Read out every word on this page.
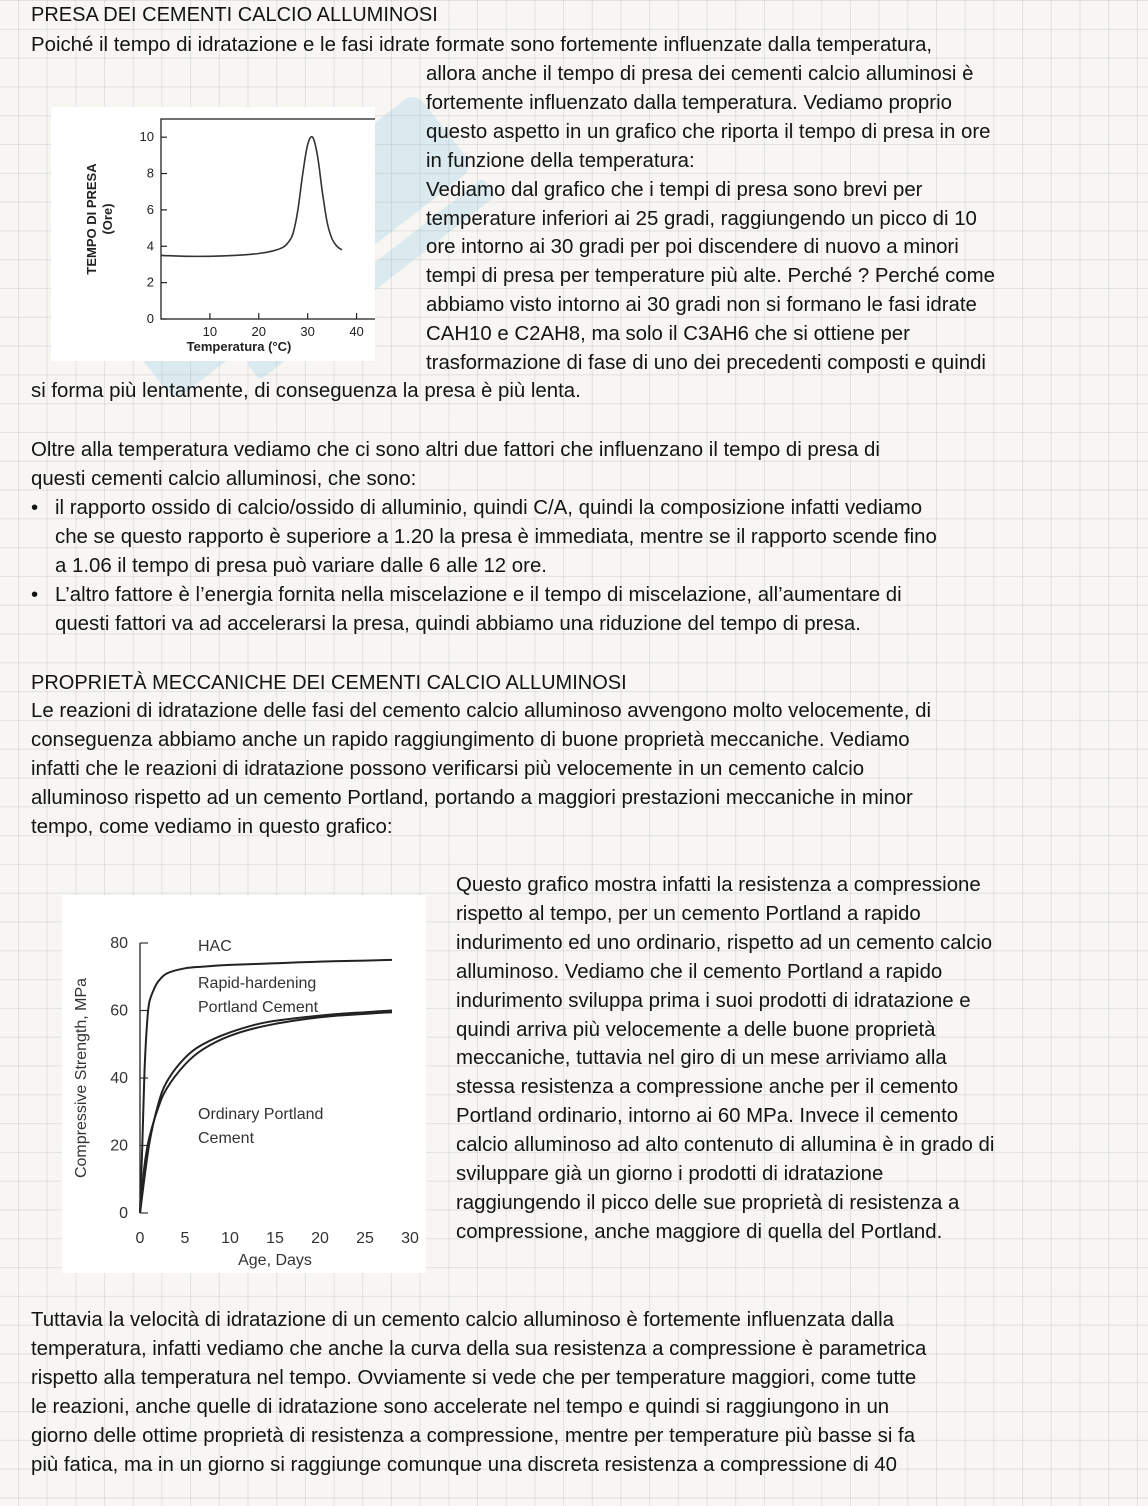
PRESA DEI CEMENTI CALCIO ALLUMINOSI
Poiché il tempo di idratazione e le fasi idrate formate sono fortemente influenzate dalla temperatura,
allora anche il tempo di presa dei cementi calcio alluminosi è
fortemente influenzato dalla temperatura. Vediamo proprio
questo aspetto in un grafico che riporta il tempo di presa in ore
in funzione della temperatura:
Vediamo dal grafico che i tempi di presa sono brevi per
temperature inferiori ai 25 gradi, raggiungendo un picco di 10
ore intorno ai 30 gradi per poi discendere di nuovo a minori
tempi di presa per temperature più alte. Perché ? Perché come
abbiamo visto intorno ai 30 gradi non si formano le fasi idrate
CAH10 e C2AH8, ma solo il C3AH6 che si ottiene per
trasformazione di fase di uno dei precedenti composti e quindi
si forma più lentamente, di conseguenza la presa è più lenta.
0
2
4
6
8
10
10	20	30	40
Temperatura (°C)
TEMPO DI PRESA (Ore)
Oltre alla temperatura vediamo che ci sono altri due fattori che influenzano il tempo di presa di
questi cementi calcio alluminosi, che sono:
• il rapporto ossido di calcio/ossido di alluminio, quindi C/A, quindi la composizione infatti vediamo
che se questo rapporto è superiore a 1.20 la presa è immediata, mentre se il rapporto scende fino
a 1.06 il tempo di presa può variare dalle 6 alle 12 ore.
• L’altro fattore è l’energia fornita nella miscelazione e il tempo di miscelazione, all’aumentare di
questi fattori va ad accelerarsi la presa, quindi abbiamo una riduzione del tempo di presa.
PROPRIETÀ MECCANICHE DEI CEMENTI CALCIO ALLUMINOSI
Le reazioni di idratazione delle fasi del cemento calcio alluminoso avvengono molto velocemente, di
conseguenza abbiamo anche un rapido raggiungimento di buone proprietà meccaniche. Vediamo
infatti che le reazioni di idratazione possono verificarsi più velocemente in un cemento calcio
alluminoso rispetto ad un cemento Portland, portando a maggiori prestazioni meccaniche in minor
tempo, come vediamo in questo grafico:
Questo grafico mostra infatti la resistenza a compressione
rispetto al tempo, per un cemento Portland a rapido
indurimento ed uno ordinario, rispetto ad un cemento calcio
alluminoso. Vediamo che il cemento Portland a rapido
indurimento sviluppa prima i suoi prodotti di idratazione e
quindi arriva più velocemente a delle buone proprietà
meccaniche, tuttavia nel giro di un mese arriviamo alla
stessa resistenza a compressione anche per il cemento
Portland ordinario, intorno ai 60 MPa. Invece il cemento
calcio alluminoso ad alto contenuto di allumina è in grado di
sviluppare già un giorno i prodotti di idratazione
raggiungendo il picco delle sue proprietà di resistenza a
compressione, anche maggiore di quella del Portland.
0
20
40
60
80
0 5 10 15 20 25 30
Age, Days
Compressive Strength, MPa
HAC
Rapid-hardening
Portland Cement
Ordinary Portland
Cement
Tuttavia la velocità di idratazione di un cemento calcio alluminoso è fortemente influenzata dalla
temperatura, infatti vediamo che anche la curva della sua resistenza a compressione è parametrica
rispetto alla temperatura nel tempo. Ovviamente si vede che per temperature maggiori, come tutte
le reazioni, anche quelle di idratazione sono accelerate nel tempo e quindi si raggiungono in un
giorno delle ottime proprietà di resistenza a compressione, mentre per temperature più basse si fa
più fatica, ma in un giorno si raggiunge comunque una discreta resistenza a compressione di 40
